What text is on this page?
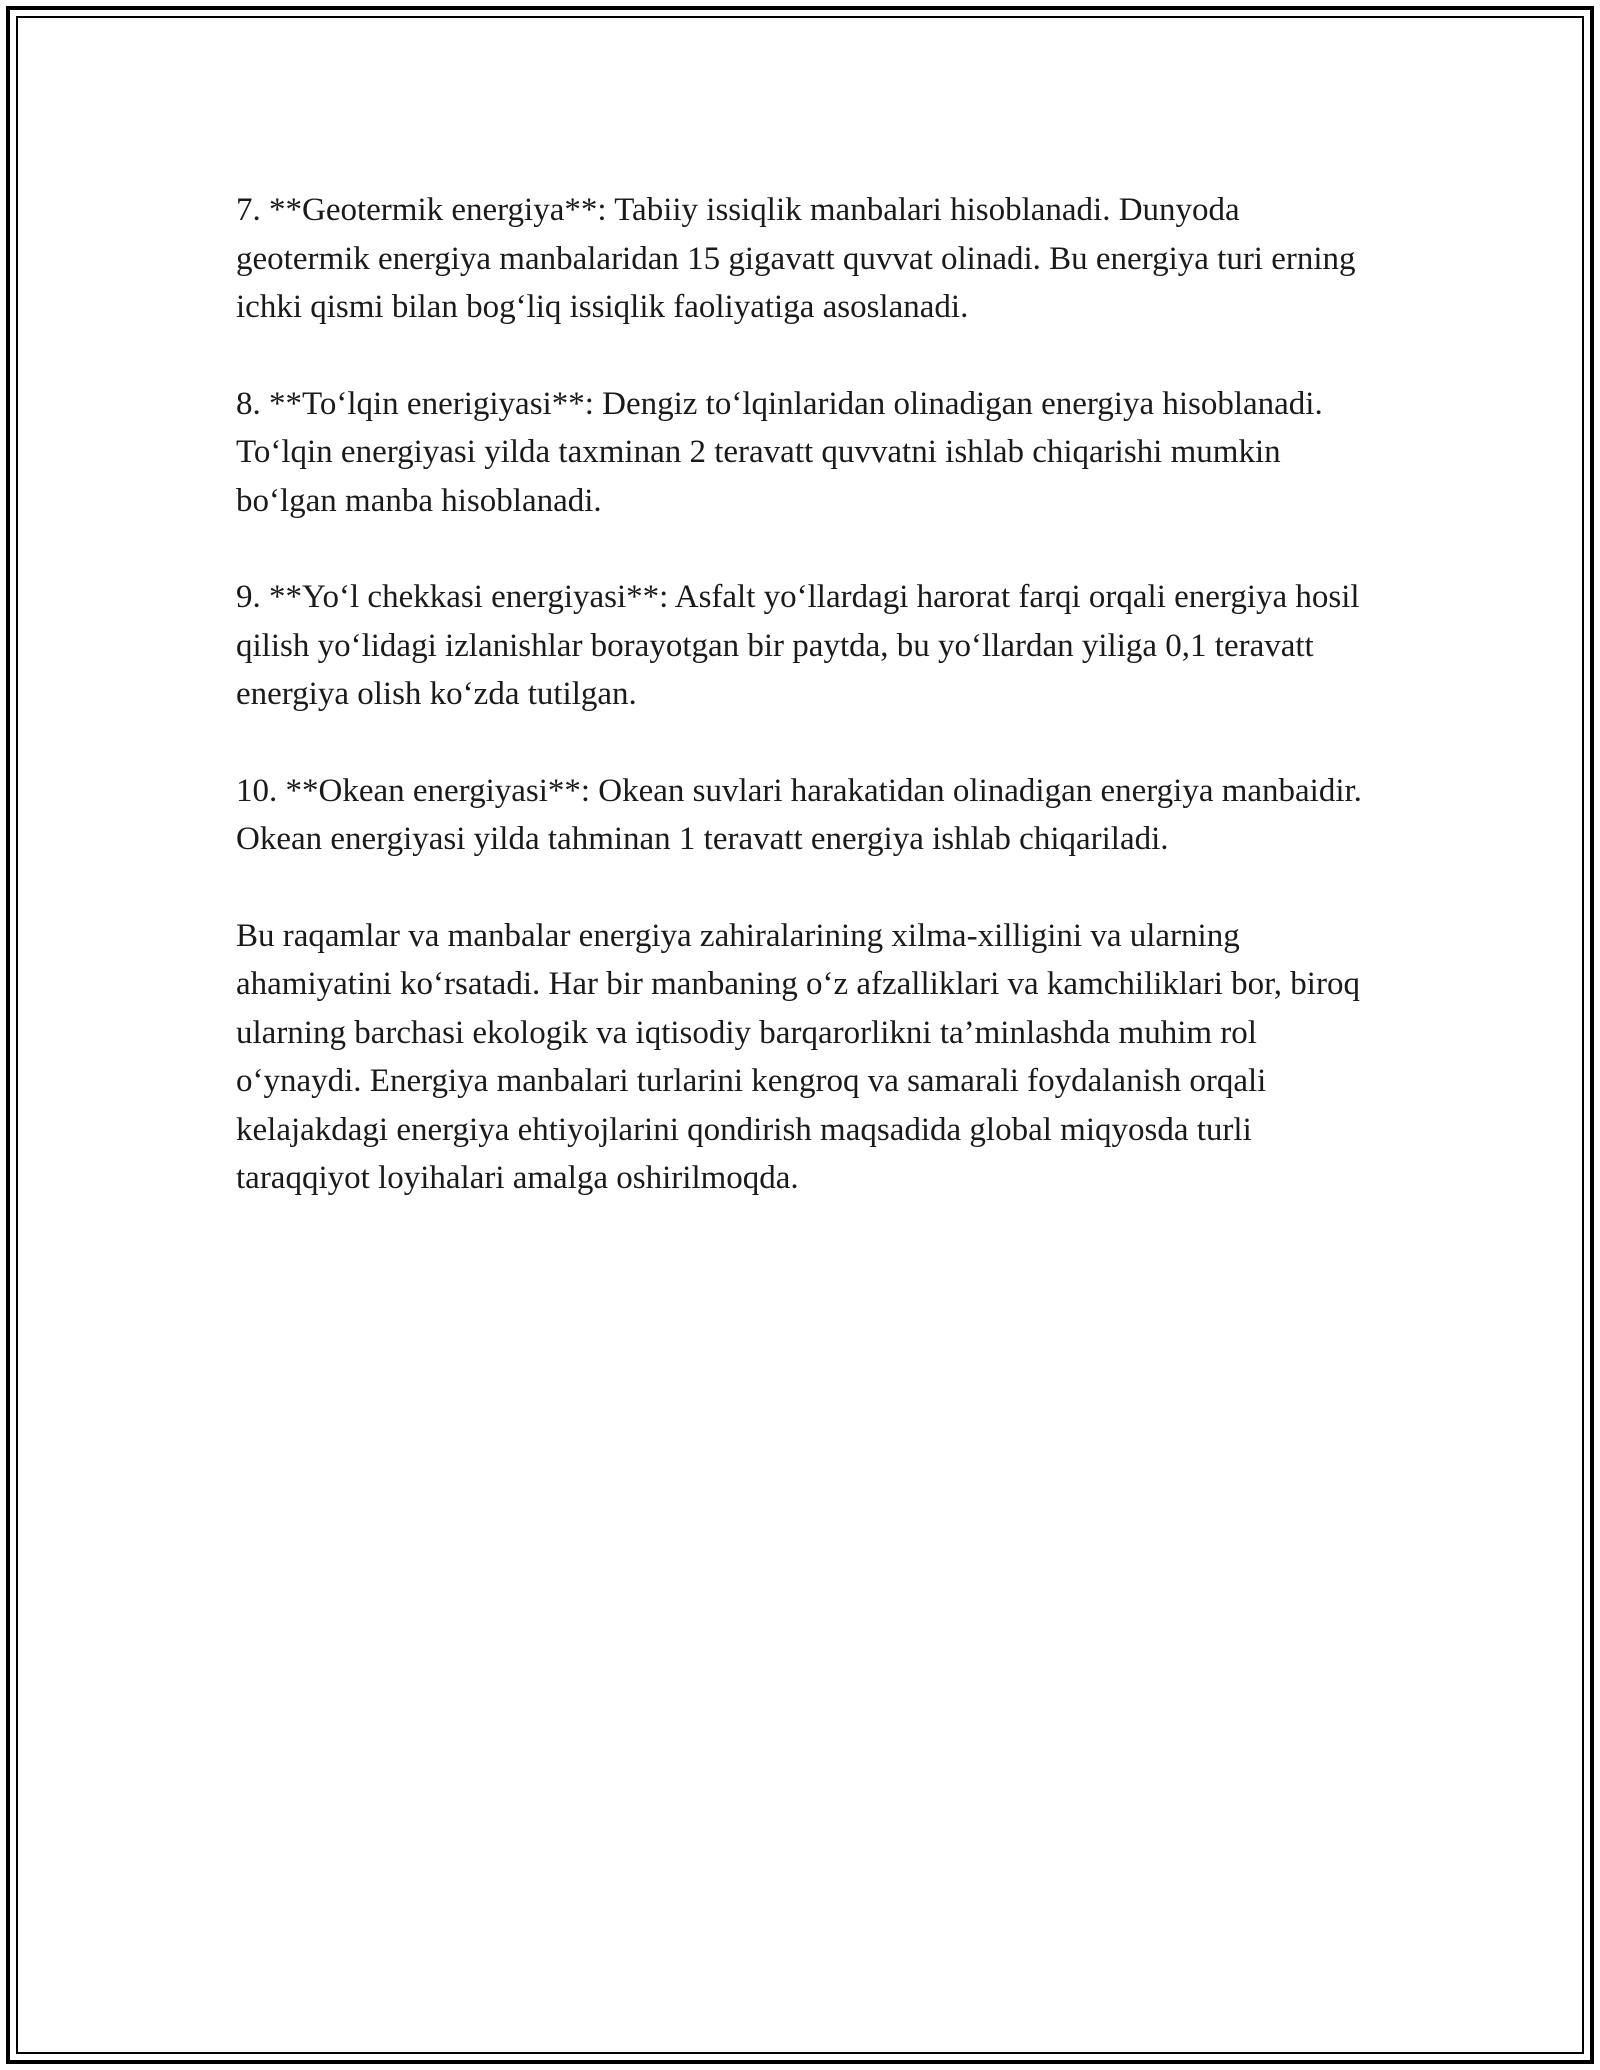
7. **Geotermik energiya**: Tabiiy issiqlik manbalari hisoblanadi. Dunyoda geotermik energiya manbalaridan 15 gigavatt quvvat olinadi. Bu energiya turi erning ichki qismi bilan bog‘liq issiqlik faoliyatiga asoslanadi.

8. **To‘lqin enerigiyasi**: Dengiz to‘lqinlaridan olinadigan energiya hisoblanadi. To‘lqin energiyasi yilda taxminan 2 teravatt quvvatni ishlab chiqarishi mumkin bo‘lgan manba hisoblanadi.

9. **Yo‘l chekkasi energiyasi**: Asfalt yo‘llardagi harorat farqi orqali energiya hosil qilish yo‘lidagi izlanishlar borayotgan bir paytda, bu yo‘llardan yiliga 0,1 teravatt energiya olish ko‘zda tutilgan.

10. **Okean energiyasi**: Okean suvlari harakatidan olinadigan energiya manbaidir. Okean energiyasi yilda tahminan 1 teravatt energiya ishlab chiqariladi.

Bu raqamlar va manbalar energiya zahiralarining xilma-xilligini va ularning ahamiyatini ko‘rsatadi. Har bir manbaning o‘z afzalliklari va kamchiliklari bor, biroq ularning barchasi ekologik va iqtisodiy barqarorlikni ta’minlashda muhim rol o‘ynaydi. Energiya manbalari turlarini kengroq va samarali foydalanish orqali kelajakdagi energiya ehtiyojlarini qondirish maqsadida global miqyosda turli taraqqiyot loyihalari amalga oshirilmoqda.
